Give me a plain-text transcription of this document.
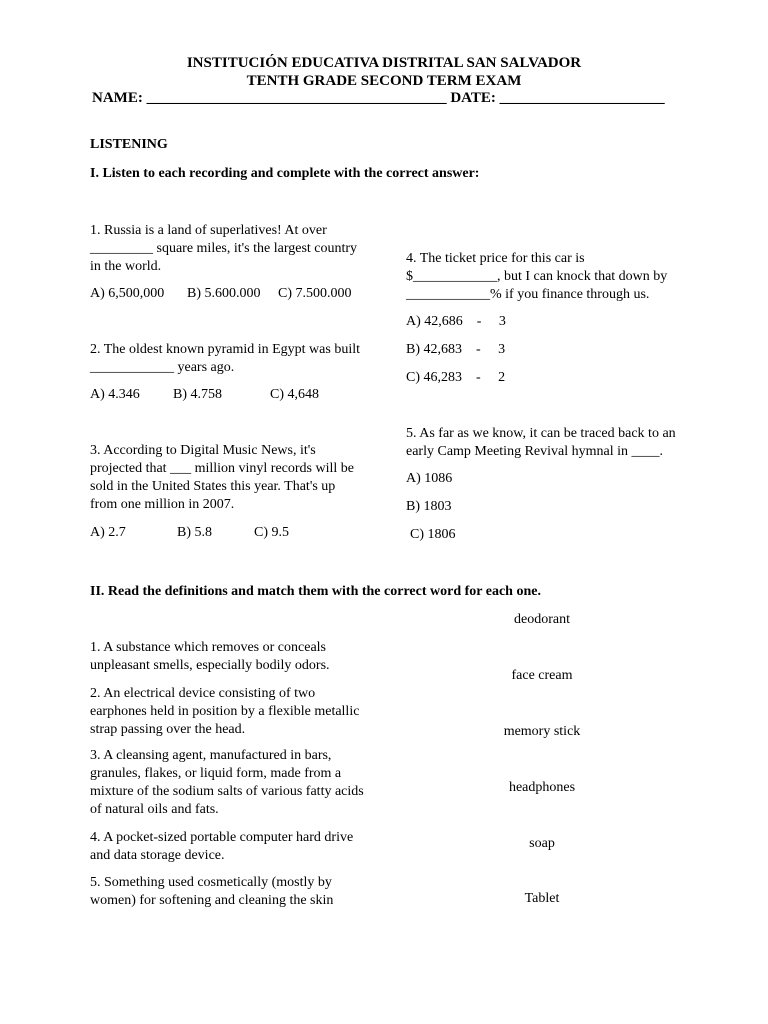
INSTITUCIÓN EDUCATIVA DISTRITAL SAN SALVADOR
TENTH GRADE SECOND TERM EXAM
NAME: ________________________________________ DATE: ______________________
LISTENING
I. Listen to each recording and complete with the correct answer:
1. Russia is a land of superlatives! At over _________ square miles, it's the largest country in the world.
A) 6,500,000 B) 5.600.000 C) 7.500.000
2. The oldest known pyramid in Egypt was built ____________ years ago.
A) 4.346 B) 4.758	C) 4,648
3. According to Digital Music News, it's projected that ___ million vinyl records will be sold in the United States this year. That's up from one million in 2007.
A) 2.7	B) 5.8	C) 9.5
4. The ticket price for this car is $____________, but I can knock that down by ____________% if you finance through us.
A) 42,686    -     3
B) 42,683    -     3
C) 46,283    -     2
5. As far as we know, it can be traced back to an early Camp Meeting Revival hymnal in ____.
A) 1086
B) 1803
C) 1806
II. Read the definitions and match them with the correct word for each one.
1. A substance which removes or conceals unpleasant smells, especially bodily odors.
2. An electrical device consisting of two earphones held in position by a flexible metallic strap passing over the head.
3. A cleansing agent, manufactured in bars, granules, flakes, or liquid form, made from a mixture of the sodium salts of various fatty acids of natural oils and fats.
4. A pocket-sized portable computer hard drive and data storage device.
5. Something used cosmetically (mostly by women) for softening and cleaning the skin
deodorant
face cream
memory stick
headphones
soap
Tablet
